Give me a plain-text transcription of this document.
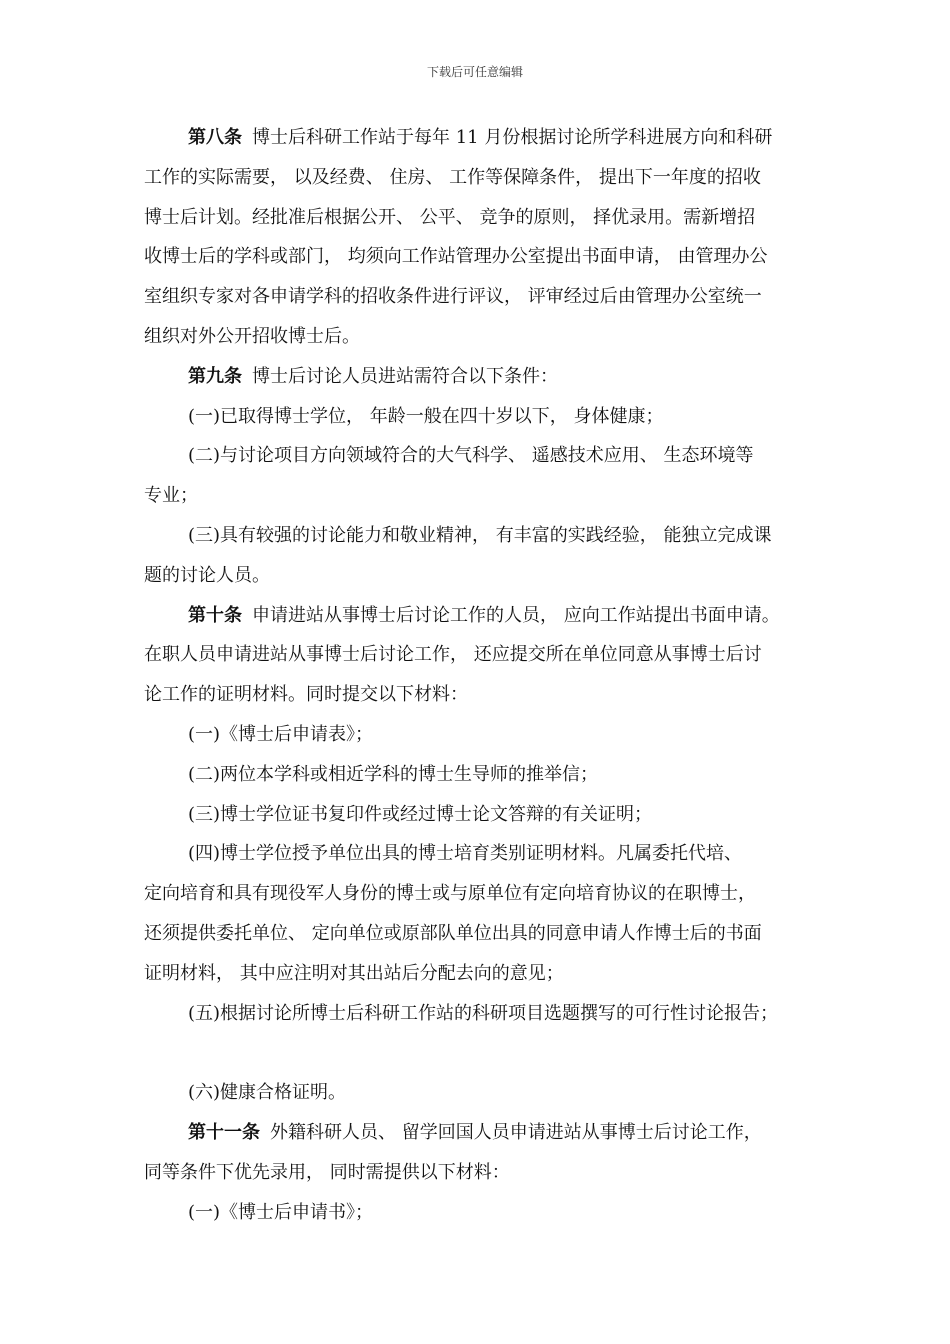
下载后可任意编辑
第八条 博士后科研工作站于每年 11 月份根据讨论所学科进展方向和科研
工作的实际需要， 以及经费、 住房、 工作等保障条件， 提出下一年度的招收
博士后计划。经批准后根据公开、 公平、 竞争的原则， 择优录用。需新增招
收博士后的学科或部门， 均须向工作站管理办公室提出书面申请， 由管理办公
室组织专家对各申请学科的招收条件进行评议， 评审经过后由管理办公室统一
组织对外公开招收博士后。
第九条 博士后讨论人员进站需符合以下条件：
(一)已取得博士学位， 年龄一般在四十岁以下， 身体健康；
(二)与讨论项目方向领域符合的大气科学、 遥感技术应用、 生态环境等
专业；
(三)具有较强的讨论能力和敬业精神， 有丰富的实践经验， 能独立完成课
题的讨论人员。
第十条 申请进站从事博士后讨论工作的人员， 应向工作站提出书面申请。
在职人员申请进站从事博士后讨论工作， 还应提交所在单位同意从事博士后讨
论工作的证明材料。同时提交以下材料：
(一)《博士后申请表》；
(二)两位本学科或相近学科的博士生导师的推举信；
(三)博士学位证书复印件或经过博士论文答辩的有关证明；
(四)博士学位授予单位出具的博士培育类别证明材料。凡属委托代培、
定向培育和具有现役军人身份的博士或与原单位有定向培育协议的在职博士，
还须提供委托单位、 定向单位或原部队单位出具的同意申请人作博士后的书面
证明材料， 其中应注明对其出站后分配去向的意见；
(五)根据讨论所博士后科研工作站的科研项目选题撰写的可行性讨论报告；
(六)健康合格证明。
第十一条 外籍科研人员、 留学回国人员申请进站从事博士后讨论工作，
同等条件下优先录用， 同时需提供以下材料：
(一)《博士后申请书》；
